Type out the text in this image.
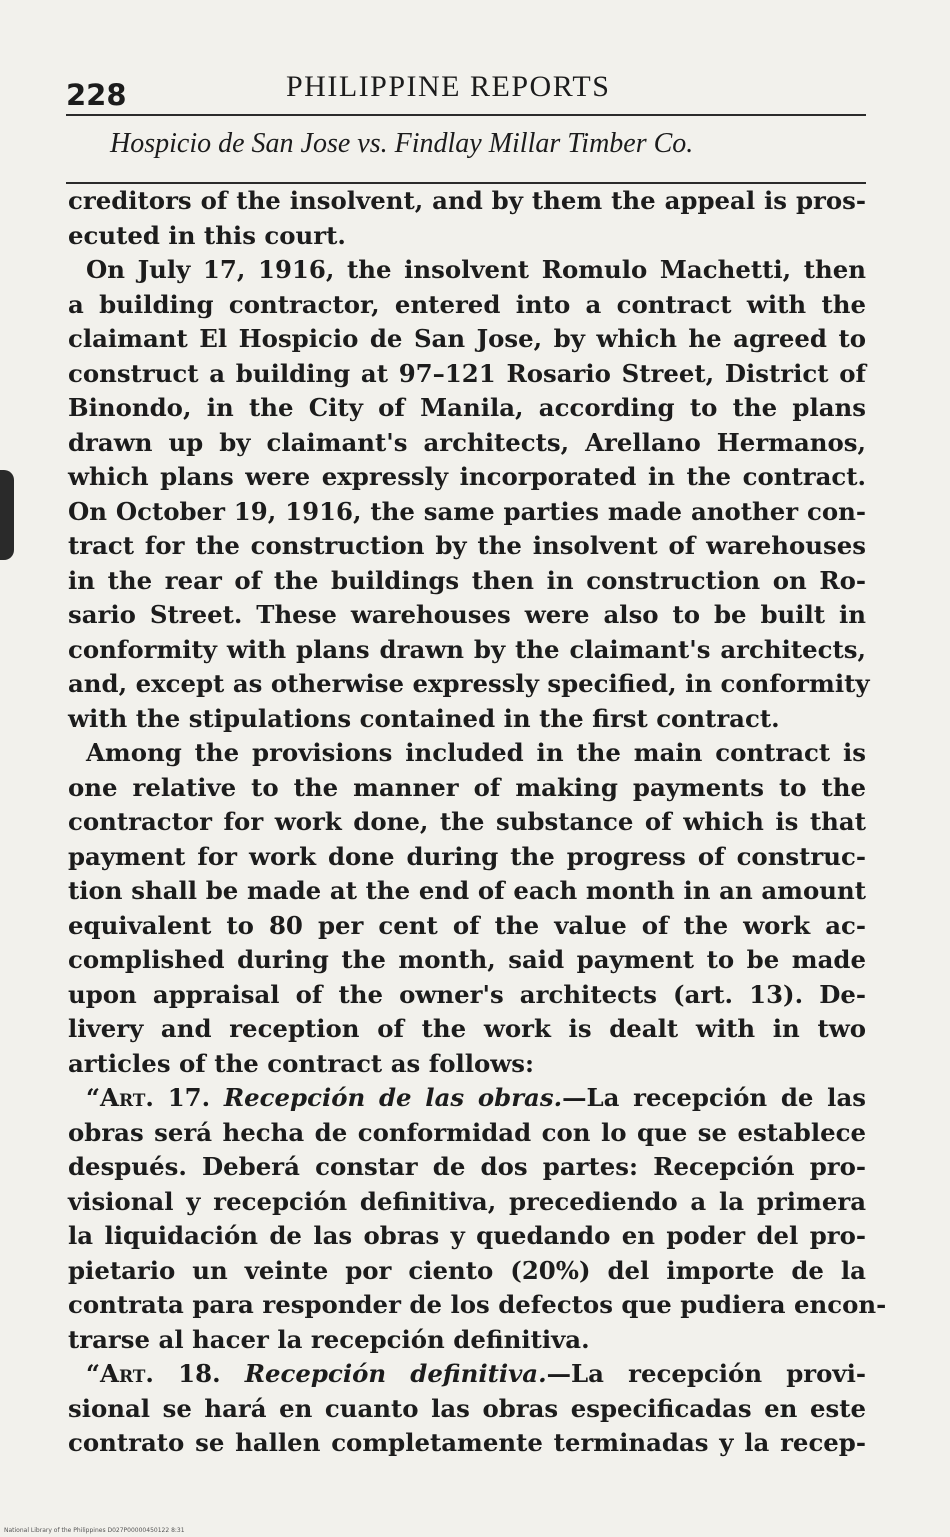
228	PHILIPPINE REPORTS
Hospicio de San Jose vs. Findlay Millar Timber Co.
creditors of the insolvent, and by them the appeal is pros-
ecuted in this court.
On July 17, 1916, the insolvent Romulo Machetti, then
a building contractor, entered into a contract with the
claimant El Hospicio de San Jose, by which he agreed to
construct a building at 97–121 Rosario Street, District of
Binondo, in the City of Manila, according to the plans
drawn up by claimant's architects, Arellano Hermanos,
which plans were expressly incorporated in the contract.
On October 19, 1916, the same parties made another con-
tract for the construction by the insolvent of warehouses
in the rear of the buildings then in construction on Ro-
sario Street. These warehouses were also to be built in
conformity with plans drawn by the claimant's architects,
and, except as otherwise expressly specified, in conformity
with the stipulations contained in the first contract.
Among the provisions included in the main contract is
one relative to the manner of making payments to the
contractor for work done, the substance of which is that
payment for work done during the progress of construc-
tion shall be made at the end of each month in an amount
equivalent to 80 per cent of the value of the work ac-
complished during the month, said payment to be made
upon appraisal of the owner's architects (art. 13). De-
livery and reception of the work is dealt with in two
articles of the contract as follows:
“Art. 17. Recepción de las obras.—La recepción de las
obras será hecha de conformidad con lo que se establece
después. Deberá constar de dos partes: Recepción pro-
visional y recepción definitiva, precediendo a la primera
la liquidación de las obras y quedando en poder del pro-
pietario un veinte por ciento (20%) del importe de la
contrata para responder de los defectos que pudiera encon-
trarse al hacer la recepción definitiva.
“Art. 18. Recepción definitiva.—La recepción provi-
sional se hará en cuanto las obras especificadas en este
contrato se hallen completamente terminadas y la recep-
National Library of the Philippines D027P00000450122 8:31
